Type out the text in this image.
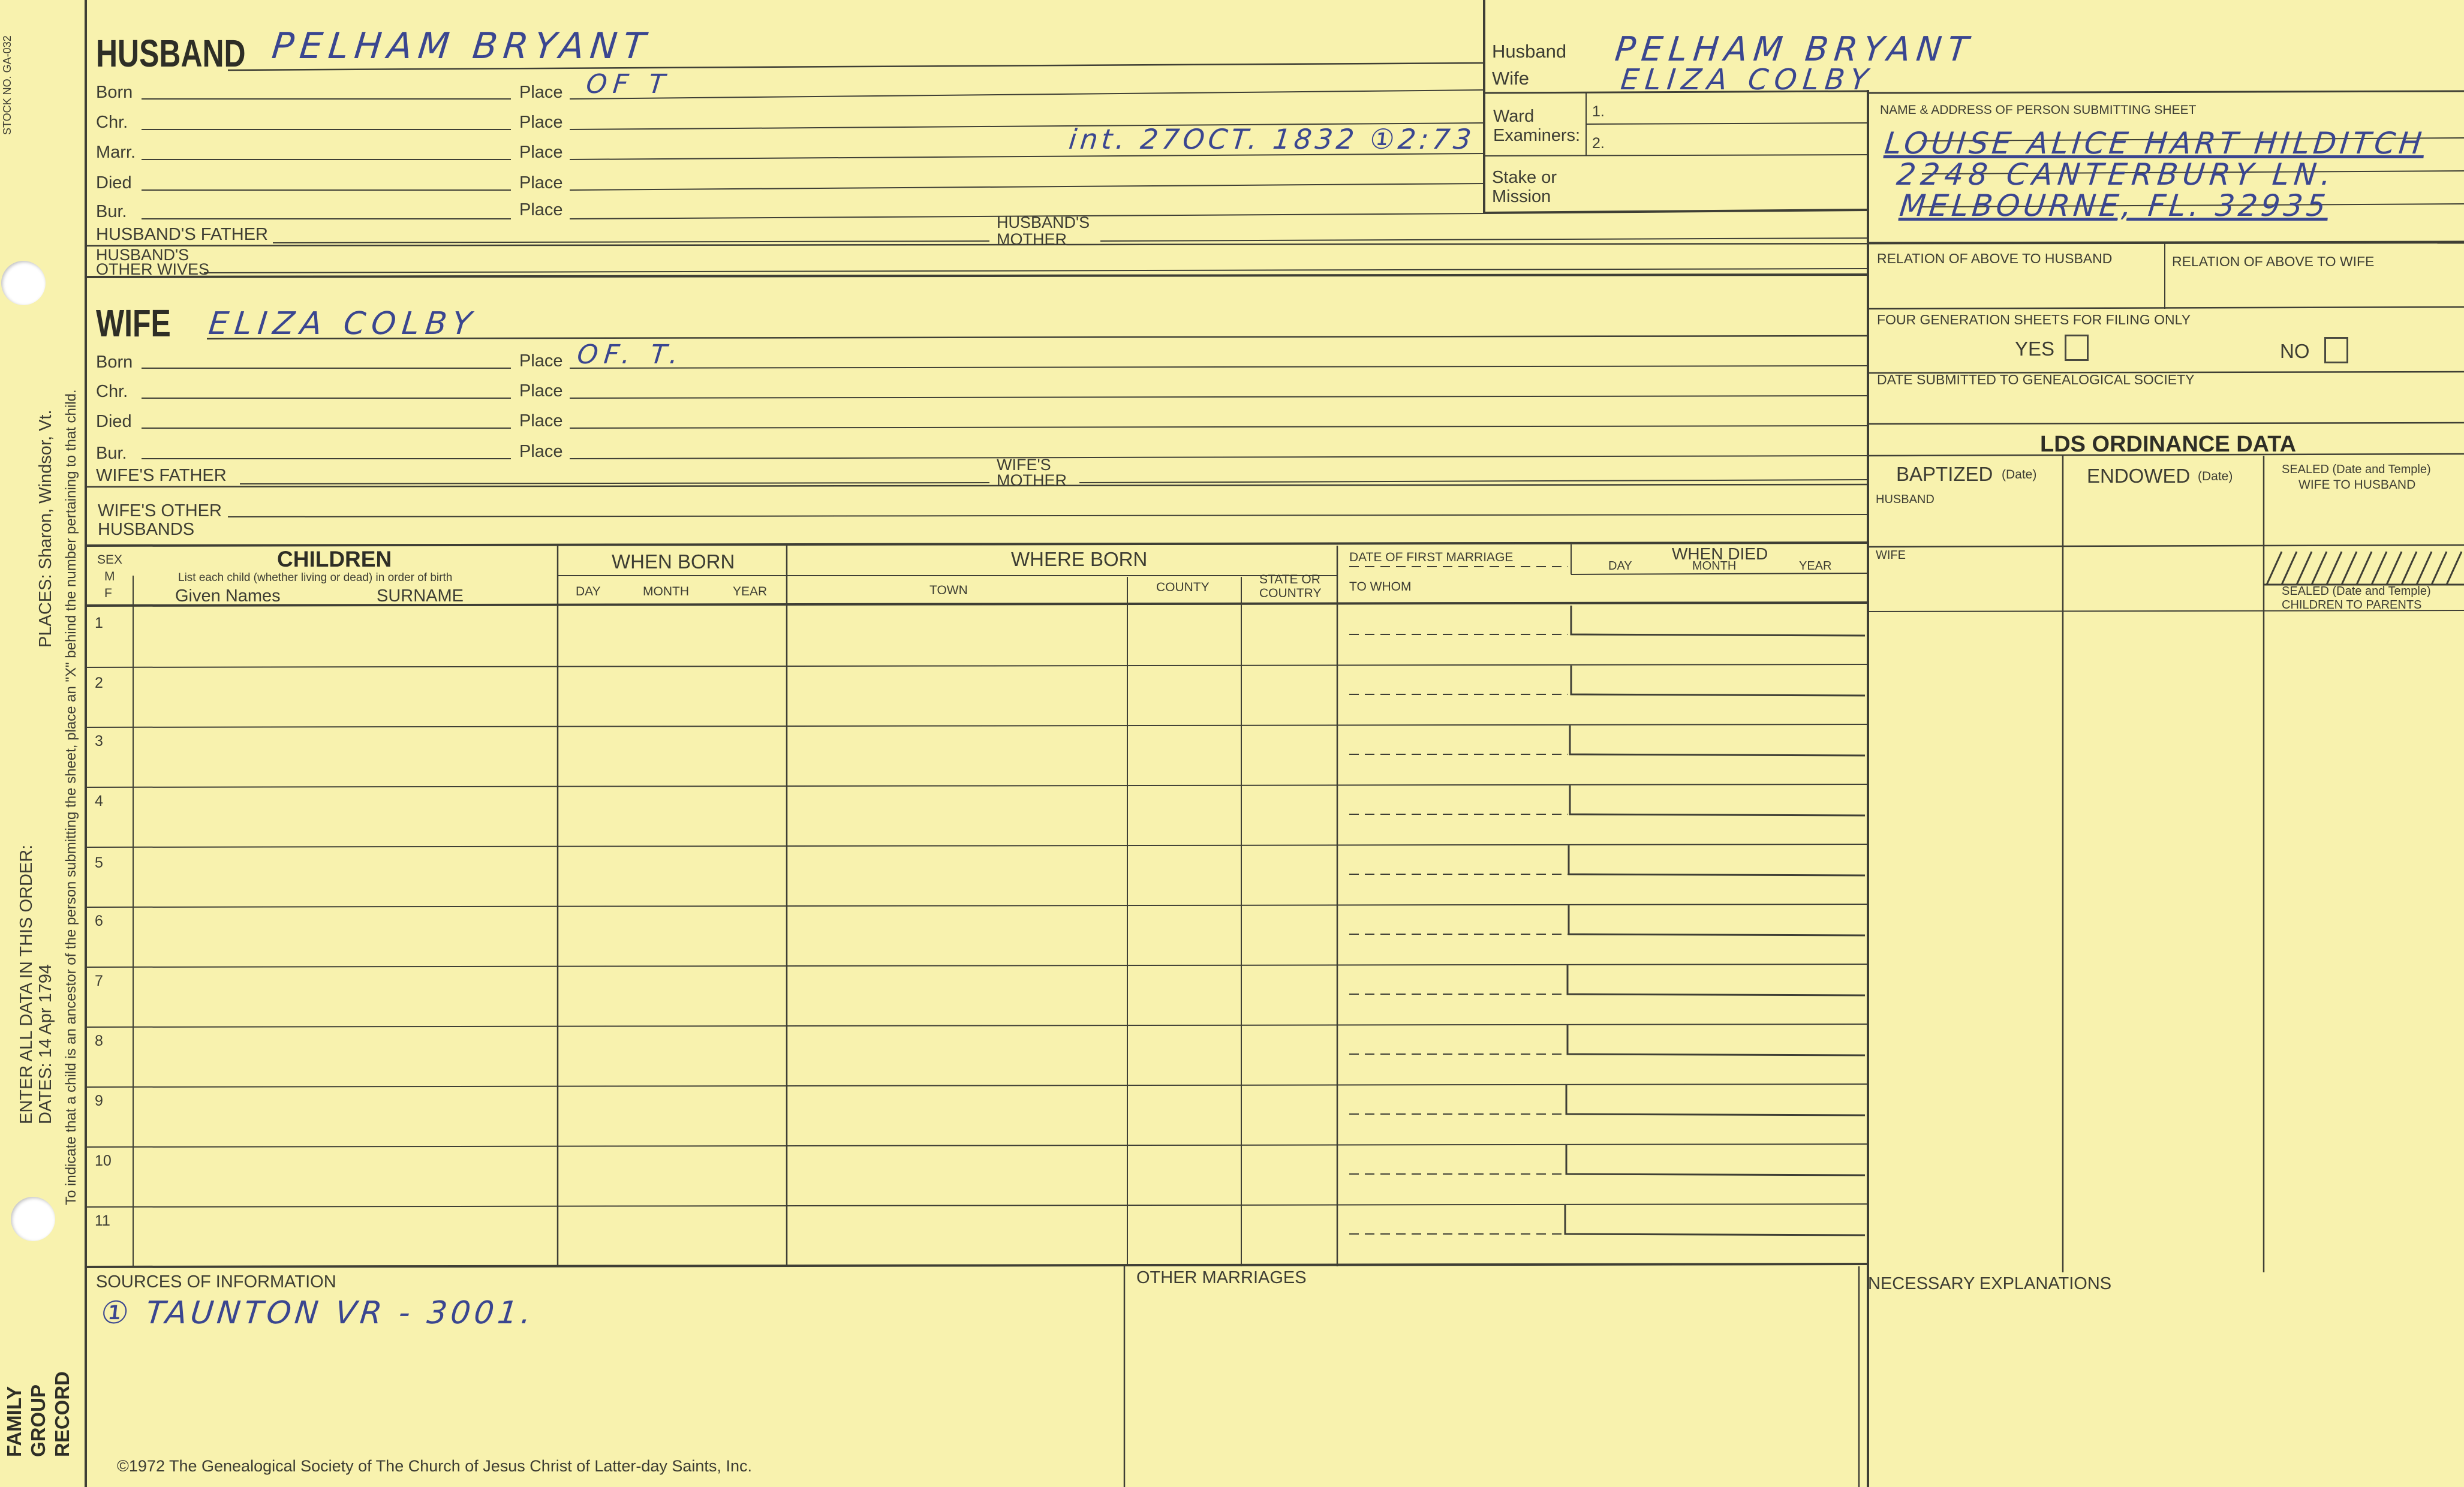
STOCK NO. GA-032
PLACES: Sharon, Windsor, Vt.
ENTER ALL DATA IN THIS ORDER: DATES: 14 Apr 1794 To indicate that a child is an ancestor of the person submitting the sheet, place an "X" behind the number pertaining to that child.
FAMILY GROUP RECORD
HUSBAND PELHAM BRYANT
Born	Place OF T
Chr.	Place
Marr.	Place	int. 27OCT. 1832 ①2:73
Died	Place
Bur.	Place
HUSBAND'S FATHER
HUSBAND'S
MOTHER
HUSBAND'S
OTHER WIVES
WIFE ELIZA COLBY
Born	Place OF. T.
Chr.	Place
Died	Place
Bur.	Place
WIFE'S FATHER
WIFE'S
MOTHER
WIFE'S OTHER
HUSBANDS
Husband PELHAM BRYANT
Wife	ELIZA COLBY
Ward
Examiners:
1.
2.
Stake or
Mission
NAME & ADDRESS OF PERSON SUBMITTING SHEET
LOUISE ALICE HART HILDITCH
2248 CANTERBURY LN.
MELBOURNE, FL. 32935
RELATION OF ABOVE TO HUSBAND	RELATION OF ABOVE TO WIFE
FOUR GENERATION SHEETS FOR FILING ONLY
YES	NO
DATE SUBMITTED TO GENEALOGICAL SOCIETY
LDS ORDINANCE DATA
BAPTIZED (Date)	ENDOWED (Date)	SEALED (Date and Temple)
WIFE TO HUSBAND
HUSBAND
WIFE
SEALED (Date and Temple)
CHILDREN TO PARENTS
SEX
M
F
CHILDREN
List each child (whether living or dead) in order of birth
Given Names	SURNAME
WHEN BORN
DAY	MONTH	YEAR
WHERE BORN
TOWN	COUNTY
STATE OR
COUNTRY
DATE OF FIRST MARRIAGE
TO WHOM
WHEN DIED
DAY	MONTH	YEAR
1
2
3
4
5
6
7
8
9
10
11
SOURCES OF INFORMATION
① TAUNTON VR - 3001.
OTHER MARRIAGES	NECESSARY EXPLANATIONS
©1972 The Genealogical Society of The Church of Jesus Christ of Latter-day Saints, Inc.
